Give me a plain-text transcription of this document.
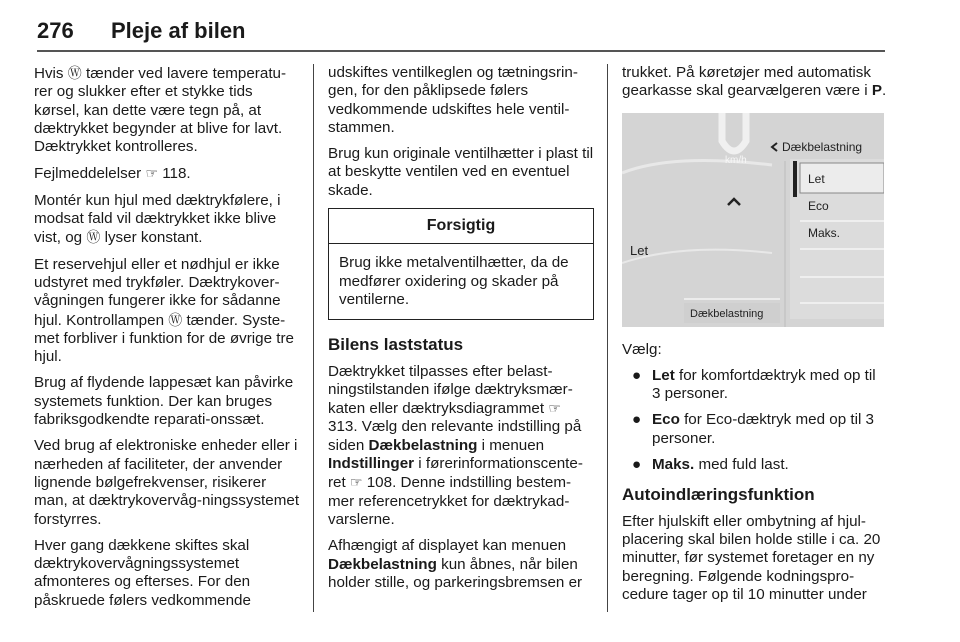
276 Pleje af bilen

Hvis Ⓦ tænder ved lavere temperatu-rer og slukker efter et stykke tids kørsel, kan dette være tegn på, at dæktrykket begynder at blive for lavt. Dæktrykket kontrolleres.

Fejlmeddelelser ☞ 118.

Montér kun hjul med dæktrykfølere, i modsat fald vil dæktrykket ikke blive vist, og Ⓦ lyser konstant.

Et reservehjul eller et nødhjul er ikke udstyret med trykføler. Dæktrykover-vågningen fungerer ikke for sådanne hjul. Kontrollampen Ⓦ tænder. Syste-met forbliver i funktion for de øvrige tre hjul.

Brug af flydende lappesæt kan påvirke systemets funktion. Der kan bruges fabriksgodkendte reparati-onssæt.

Ved brug af elektroniske enheder eller i nærheden af faciliteter, der anvender lignende bølgefrekvenser, risikerer man, at dæktrykovervåg-ningssystemet forstyrres.

Hver gang dækkene skiftes skal dæktrykovervågningssystemet afmonteres og efterses. For den påskruede følers vedkommende

udskiftes ventilkeglen og tætningsrin-gen, for den påklipsede følers vedkommende udskiftes hele ventil-stammen.

Brug kun originale ventilhætter i plast til at beskytte ventilen ved en eventuel skade.

Forsigtig
Brug ikke metalventilhætter, da de medfører oxidering og skader på ventilerne.
Bilens laststatus

Dæktrykket tilpasses efter belast-ningstilstanden ifølge dæktryksmær-katen eller dæktryksdiagrammet ☞ 313. Vælg den relevante indstilling på siden Dækbelastning i menuen Indstillinger i førerinformationscente-ret ☞ 108. Denne indstilling bestem-mer referencetrykket for dæktrykad-varslerne.

Afhængigt af displayet kan menuen Dækbelastning kun åbnes, når bilen holder stille, og parkeringsbremsen er

trukket. På køretøjer med automatisk gearkasse skal gearvælgeren være i P.

km/h
Dækbelastning
Let
Eco
Maks.
Let
Dækbelastning

Vælg:

● Let for komfortdæktryk med op til 3 personer.
● Eco for Eco-dæktryk med op til 3 personer.
● Maks. med fuld last.
Autoindlæringsfunktion

Efter hjulskift eller ombytning af hjul-placering skal bilen holde stille i ca. 20 minutter, før systemet foretager en ny beregning. Følgende kodningspro-cedure tager op til 10 minutter under
